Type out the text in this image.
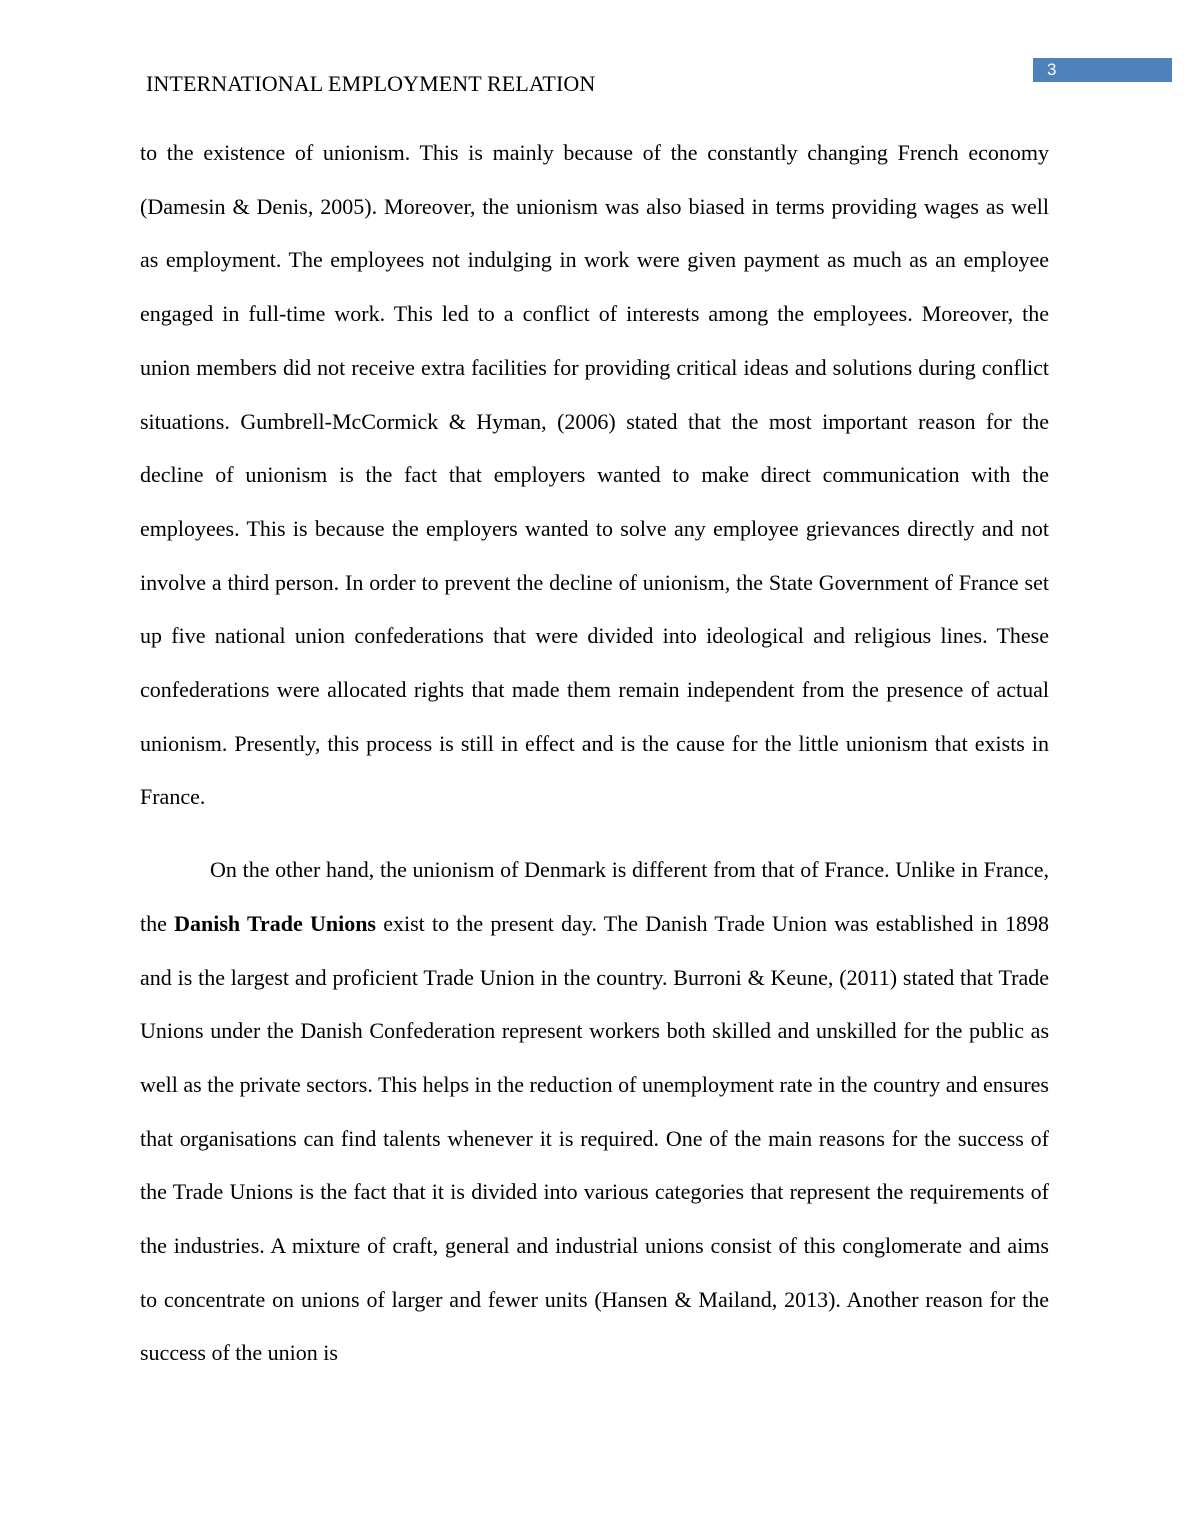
INTERNATIONAL EMPLOYMENT RELATION
3

to the existence of unionism. This is mainly because of the constantly changing French economy (Damesin & Denis, 2005). Moreover, the unionism was also biased in terms providing wages as well as employment. The employees not indulging in work were given payment as much as an employee engaged in full-time work. This led to a conflict of interests among the employees. Moreover, the union members did not receive extra facilities for providing critical ideas and solutions during conflict situations. Gumbrell-McCormick & Hyman, (2006) stated that the most important reason for the decline of unionism is the fact that employers wanted to make direct communication with the employees. This is because the employers wanted to solve any employee grievances directly and not involve a third person. In order to prevent the decline of unionism, the State Government of France set up five national union confederations that were divided into ideological and religious lines. These confederations were allocated rights that made them remain independent from the presence of actual unionism. Presently, this process is still in effect and is the cause for the little unionism that exists in France.

On the other hand, the unionism of Denmark is different from that of France. Unlike in France, the Danish Trade Unions exist to the present day. The Danish Trade Union was established in 1898 and is the largest and proficient Trade Union in the country. Burroni & Keune, (2011) stated that Trade Unions under the Danish Confederation represent workers both skilled and unskilled for the public as well as the private sectors. This helps in the reduction of unemployment rate in the country and ensures that organisations can find talents whenever it is required. One of the main reasons for the success of the Trade Unions is the fact that it is divided into various categories that represent the requirements of the industries. A mixture of craft, general and industrial unions consist of this conglomerate and aims to concentrate on unions of larger and fewer units (Hansen & Mailand, 2013). Another reason for the success of the union is
